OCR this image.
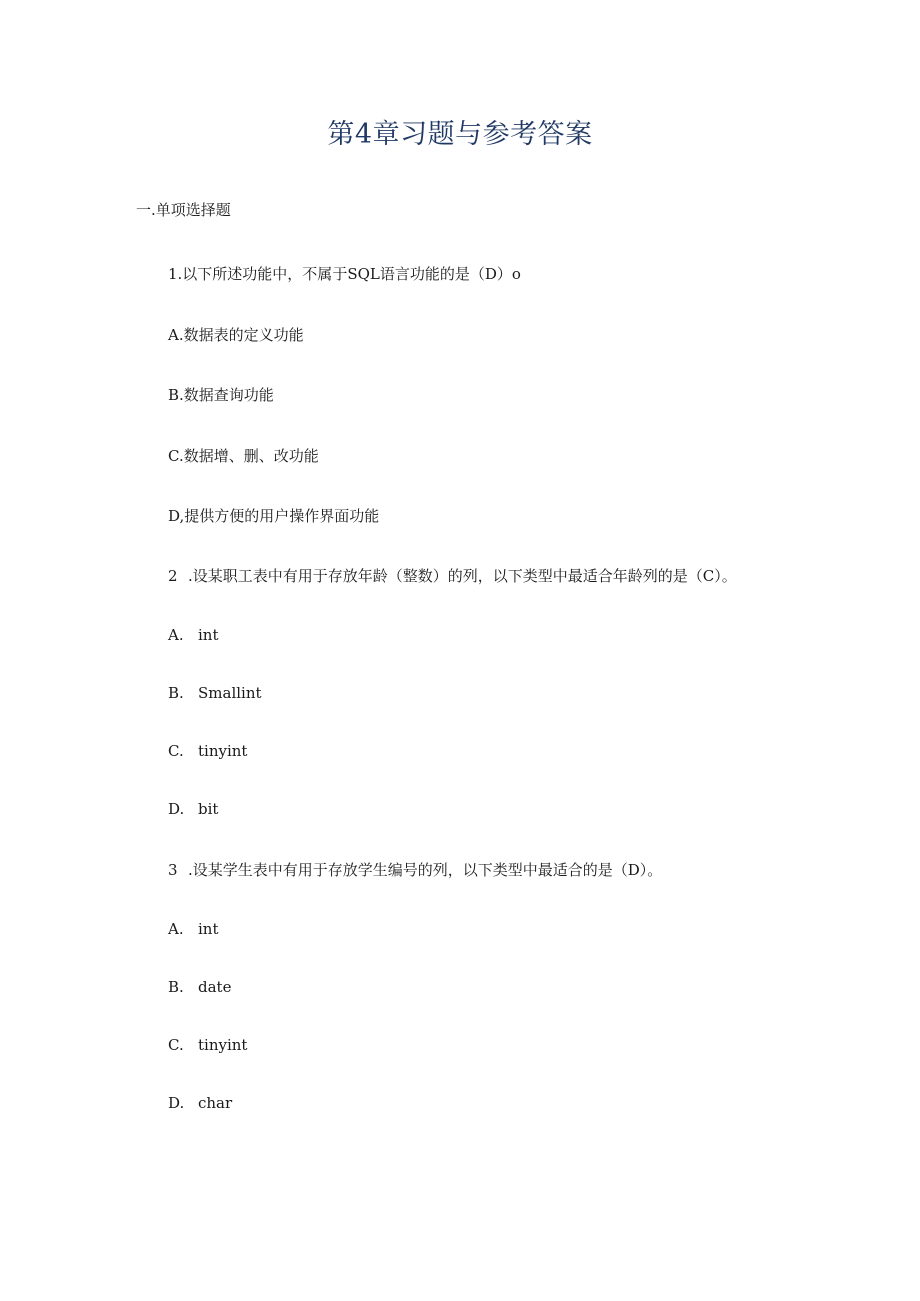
第4章习题与参考答案
一.单项选择题
1.以下所述功能中，不属于SQL语言功能的是（D）o
A.数据表的定义功能
B.数据查询功能
C.数据增、删、改功能
D,提供方便的用户操作界面功能
2 .设某职工表中有用于存放年龄（整数）的列，以下类型中最适合年龄列的是（C）。
A. int
B. Smallint
C. tinyint
D. bit
3 .设某学生表中有用于存放学生编号的列，以下类型中最适合的是（D）。
A. int
B. date
C. tinyint
D. char
